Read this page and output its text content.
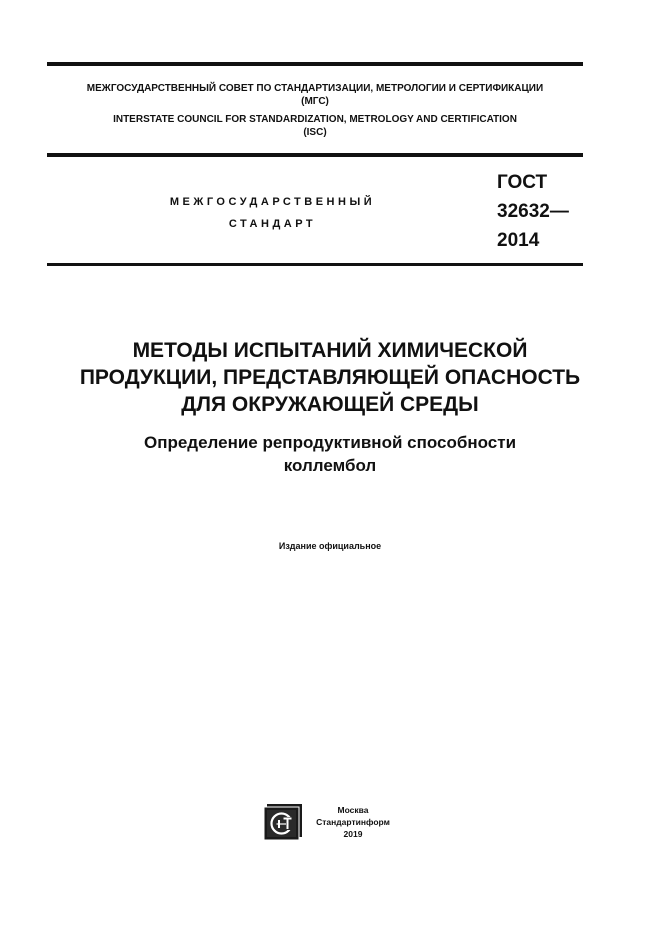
МЕЖГОСУДАРСТВЕННЫЙ СОВЕТ ПО СТАНДАРТИЗАЦИИ, МЕТРОЛОГИИ И СЕРТИФИКАЦИИ
(МГС)
INTERSTATE COUNCIL FOR STANDARDIZATION, METROLOGY AND CERTIFICATION
(ISC)
МЕЖГОСУДАРСТВЕННЫЙ
СТАНДАРТ
ГОСТ
32632—
2014
МЕТОДЫ ИСПЫТАНИЙ ХИМИЧЕСКОЙ
ПРОДУКЦИИ, ПРЕДСТАВЛЯЮЩЕЙ ОПАСНОСТЬ
ДЛЯ ОКРУЖАЮЩЕЙ СРЕДЫ
Определение репродуктивной способности
коллембол
Издание официальное
Москва
Стандартинформ
2019
